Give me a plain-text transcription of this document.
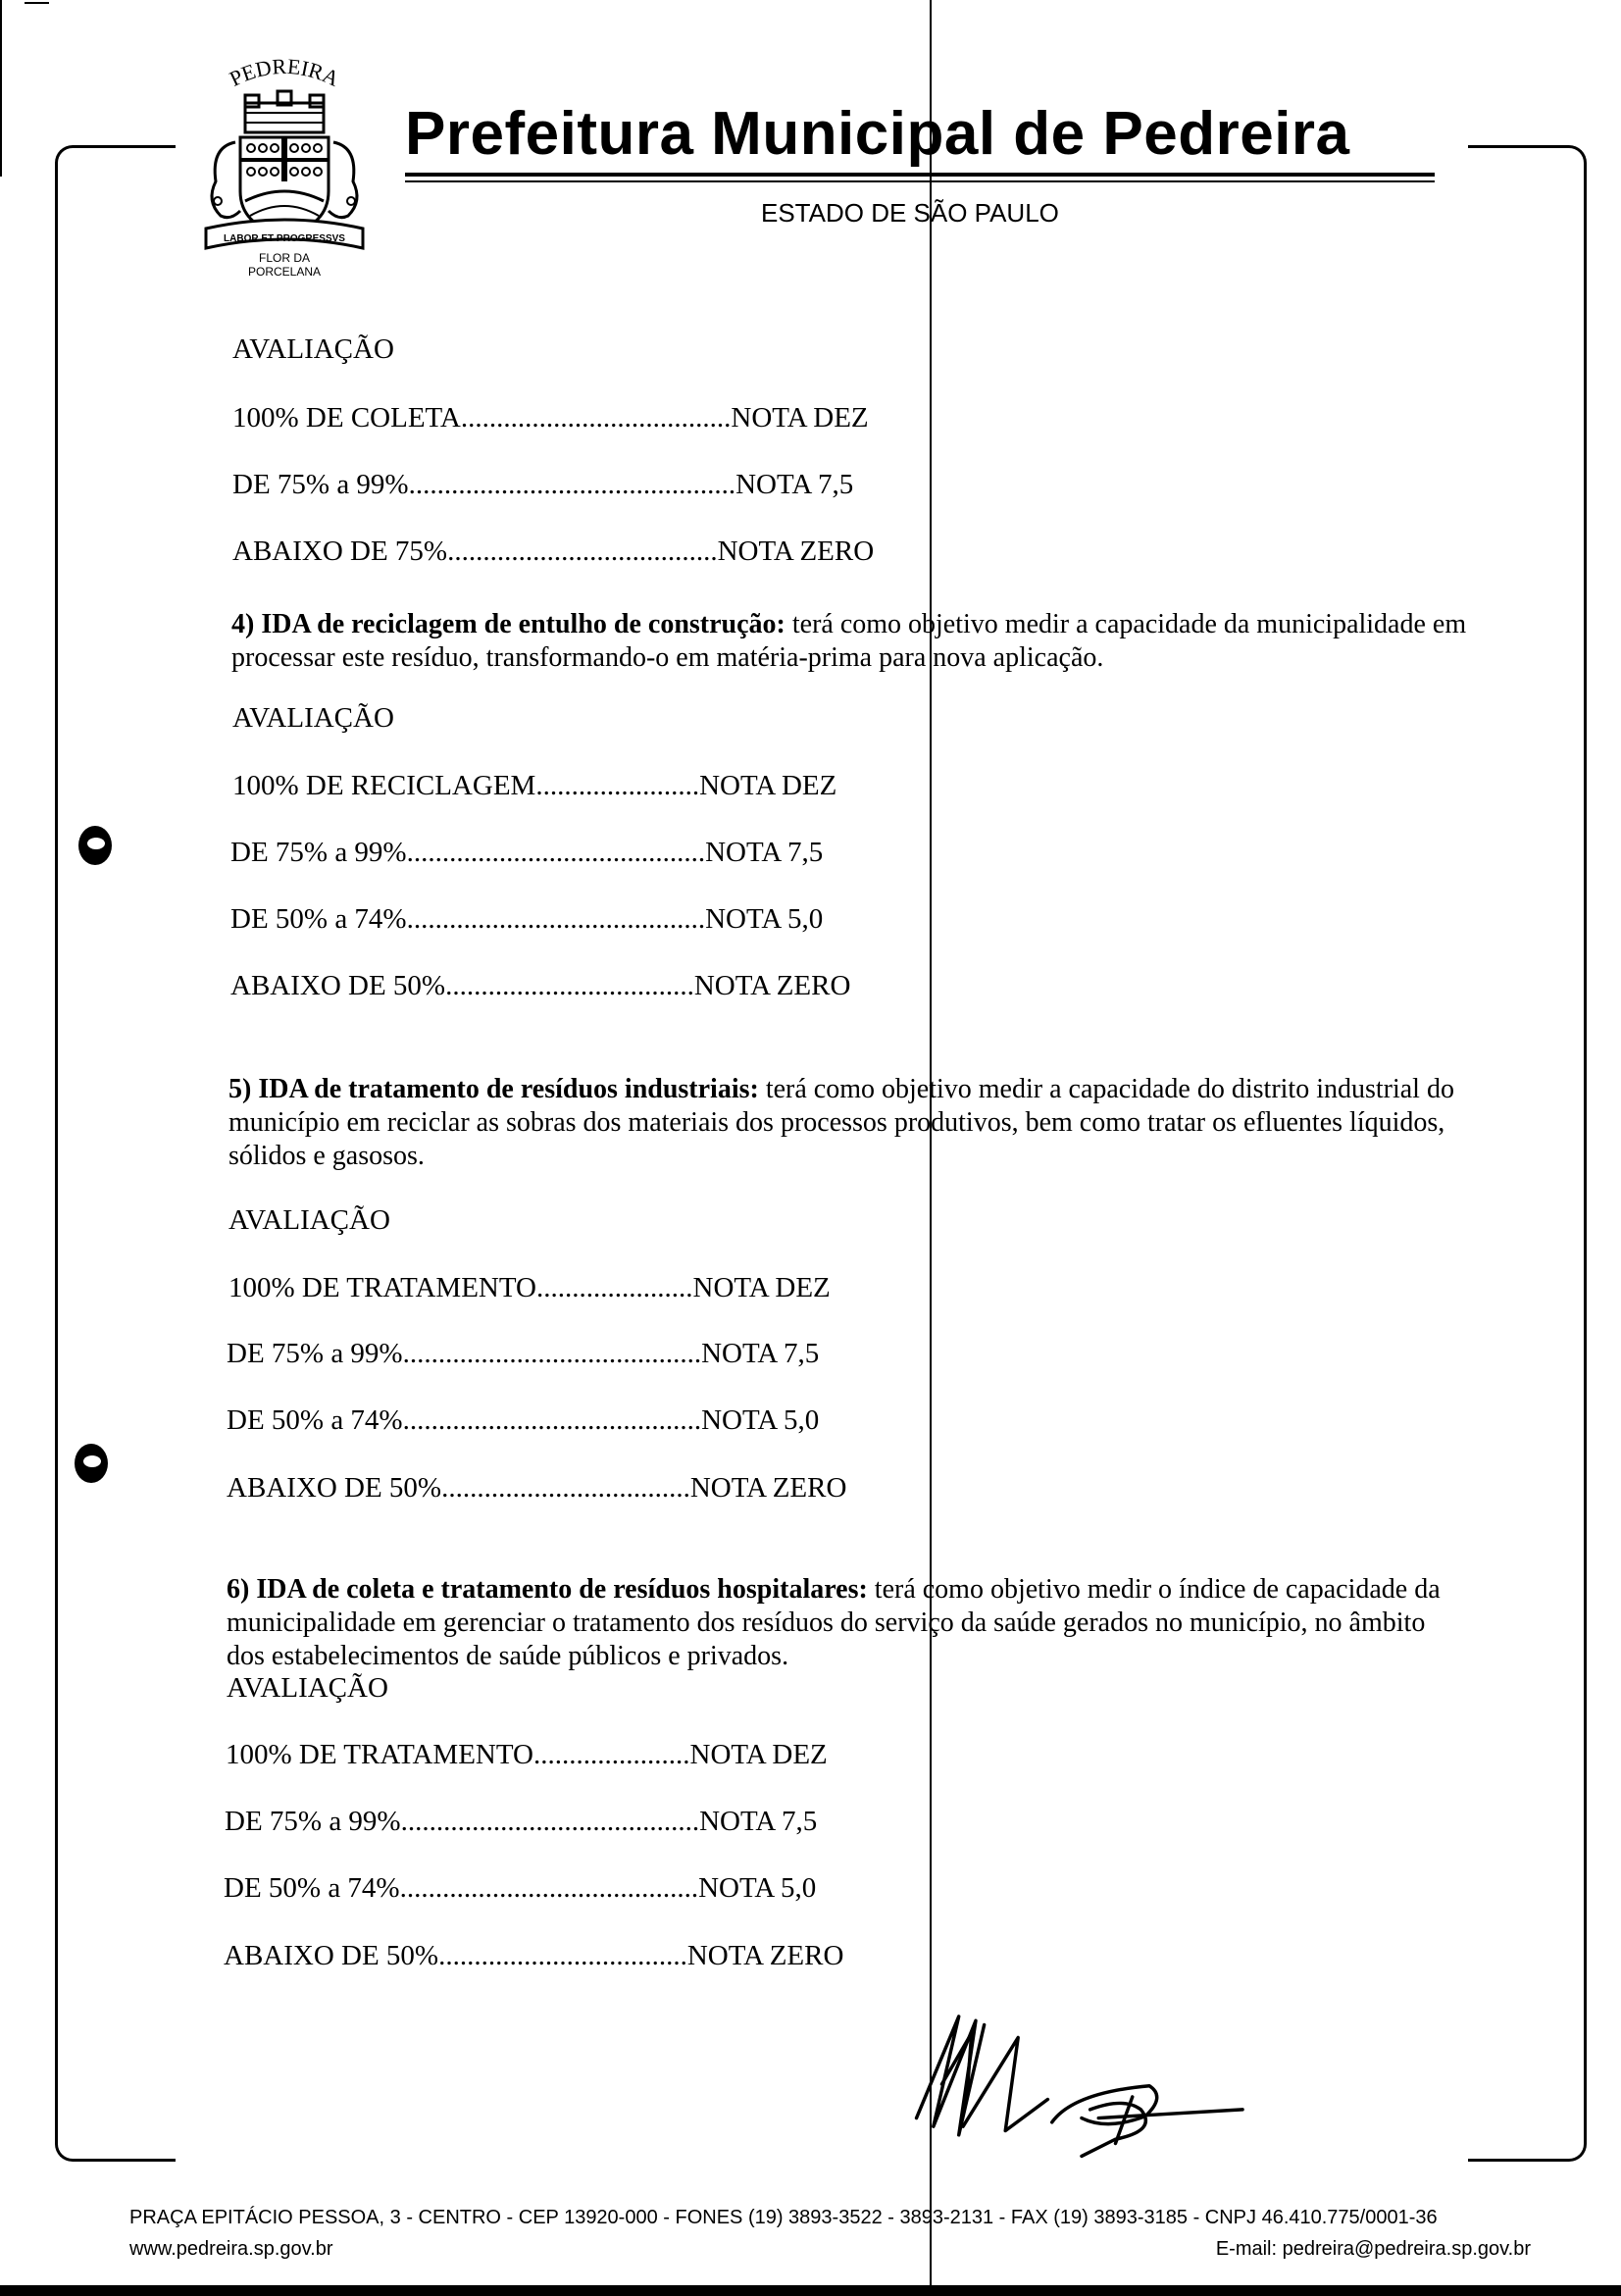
PEDREIRA
LABOR ET PROGRESSVS
FLOR DA
PORCELANA
Prefeitura Municipal de Pedreira
ESTADO DE SÃO PAULO
AVALIAÇÃO
100% DE COLETA......................................NOTA DEZ
DE 75% a 99%..............................................NOTA 7,5
ABAIXO DE 75%......................................NOTA ZERO
4) IDA de reciclagem de entulho de construção: terá como objetivo medir a capacidade da municipalidade em processar este resíduo, transformando-o em matéria-prima para nova aplicação.
AVALIAÇÃO
100% DE RECICLAGEM.......................NOTA DEZ
DE 75% a 99%..........................................NOTA 7,5
DE 50% a 74%..........................................NOTA 5,0
ABAIXO DE 50%...................................NOTA ZERO
5) IDA de tratamento de resíduos industriais: terá como objetivo medir a capacidade do distrito industrial do município em reciclar as sobras dos materiais dos processos produtivos, bem como tratar os efluentes líquidos, sólidos e gasosos.
AVALIAÇÃO
100% DE TRATAMENTO......................NOTA DEZ
DE 75% a 99%..........................................NOTA 7,5
DE 50% a 74%..........................................NOTA 5,0
ABAIXO DE 50%...................................NOTA ZERO
6) IDA de coleta e tratamento de resíduos hospitalares: terá como objetivo medir o índice de capacidade da municipalidade em gerenciar o tratamento dos resíduos do serviço da saúde gerados no município, no âmbito dos estabelecimentos de saúde públicos e privados.
AVALIAÇÃO
100% DE TRATAMENTO......................NOTA DEZ
DE 75% a 99%..........................................NOTA 7,5
DE 50% a 74%..........................................NOTA 5,0
ABAIXO DE 50%...................................NOTA ZERO
PRAÇA EPITÁCIO PESSOA, 3 - CENTRO - CEP 13920-000 - FONES (19) 3893-3522 - 3893-2131 - FAX (19) 3893-3185 - CNPJ 46.410.775/0001-36
www.pedreira.sp.gov.br	E-mail: pedreira@pedreira.sp.gov.br
